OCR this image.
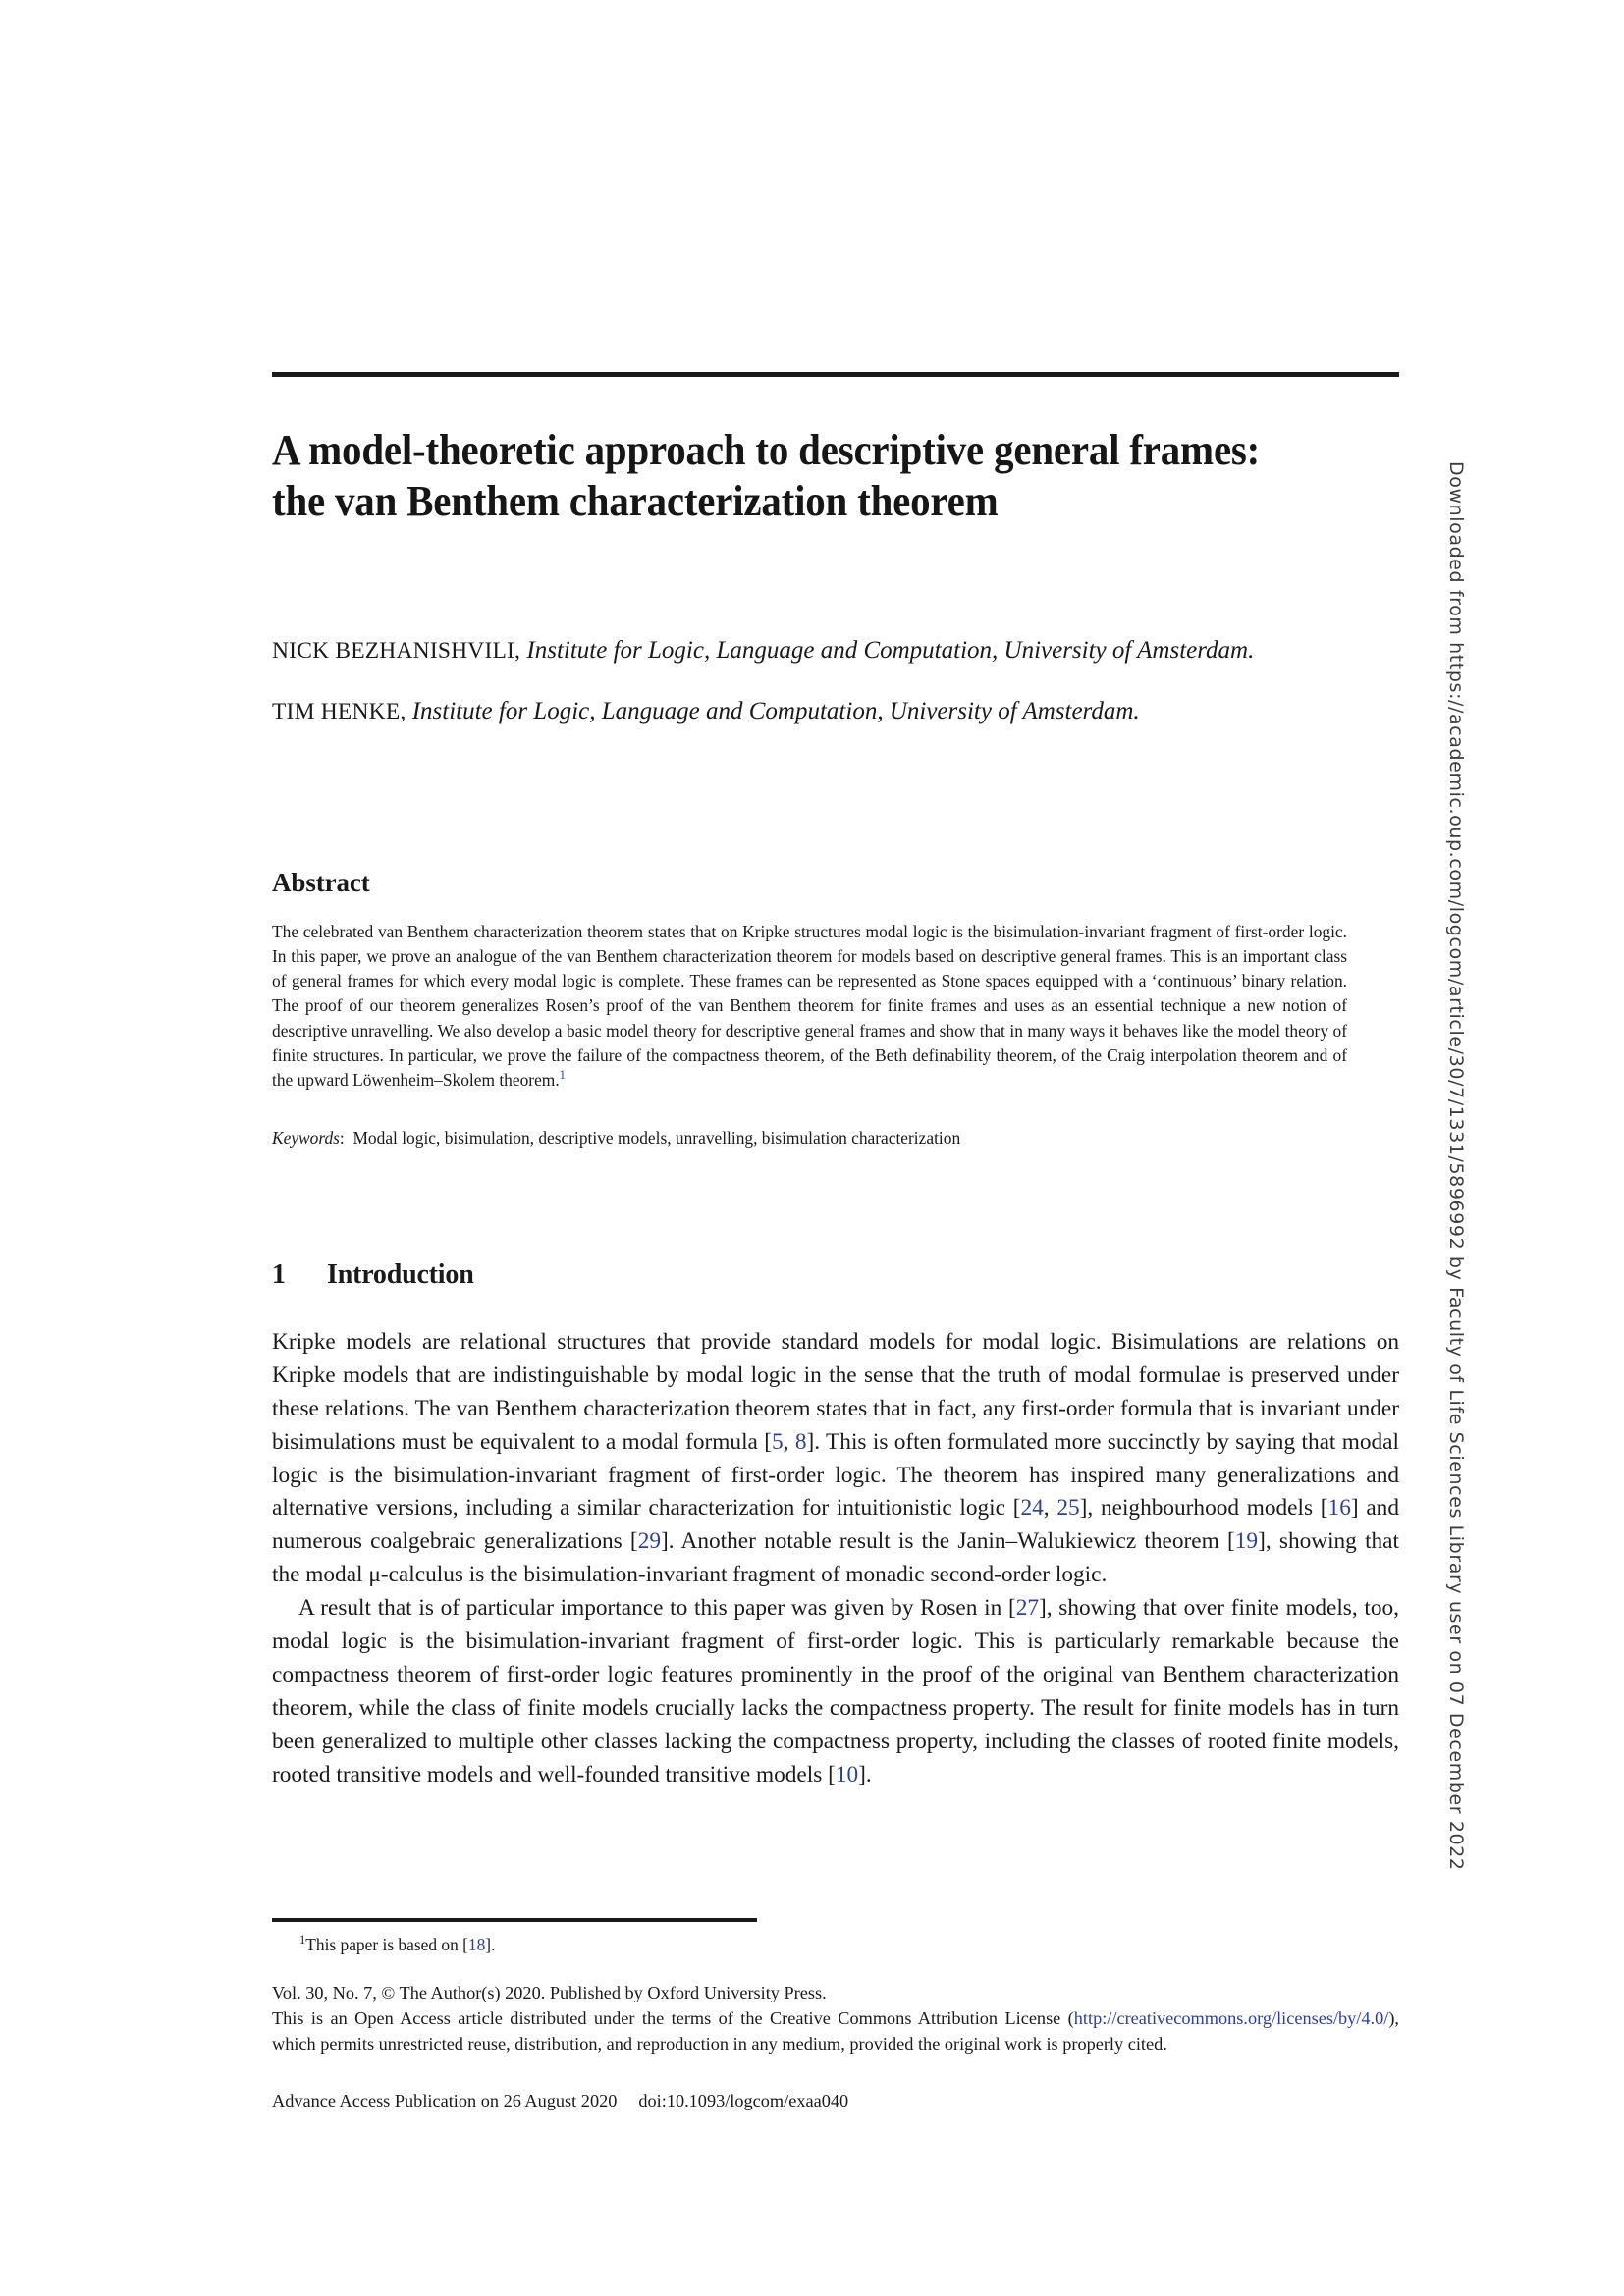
A model-theoretic approach to descriptive general frames: the van Benthem characterization theorem
NICK BEZHANISHVILI, Institute for Logic, Language and Computation, University of Amsterdam.
TIM HENKE, Institute for Logic, Language and Computation, University of Amsterdam.
Abstract
The celebrated van Benthem characterization theorem states that on Kripke structures modal logic is the bisimulation-invariant fragment of first-order logic. In this paper, we prove an analogue of the van Benthem characterization theorem for models based on descriptive general frames. This is an important class of general frames for which every modal logic is complete. These frames can be represented as Stone spaces equipped with a ‘continuous’ binary relation. The proof of our theorem generalizes Rosen’s proof of the van Benthem theorem for finite frames and uses as an essential technique a new notion of descriptive unravelling. We also develop a basic model theory for descriptive general frames and show that in many ways it behaves like the model theory of finite structures. In particular, we prove the failure of the compactness theorem, of the Beth definability theorem, of the Craig interpolation theorem and of the upward Löwenheim–Skolem theorem.$^1$
Keywords: Modal logic, bisimulation, descriptive models, unravelling, bisimulation characterization
1 Introduction

Kripke models are relational structures that provide standard models for modal logic. Bisimulations are relations on Kripke models that are indistinguishable by modal logic in the sense that the truth of modal formulae is preserved under these relations. The van Benthem characterization theorem states that in fact, any first-order formula that is invariant under bisimulations must be equivalent to a modal formula [5, 8]. This is often formulated more succinctly by saying that modal logic is the bisimulation-invariant fragment of first-order logic. The theorem has inspired many generalizations and alternative versions, including a similar characterization for intuitionistic logic [24, 25], neighbourhood models [16] and numerous coalgebraic generalizations [29]. Another notable result is the Janin–Walukiewicz theorem [19], showing that the modal μ-calculus is the bisimulation-invariant fragment of monadic second-order logic.

A result that is of particular importance to this paper was given by Rosen in [27], showing that over finite models, too, modal logic is the bisimulation-invariant fragment of first-order logic. This is particularly remarkable because the compactness theorem of first-order logic features prominently in the proof of the original van Benthem characterization theorem, while the class of finite models crucially lacks the compactness property. The result for finite models has in turn been generalized to multiple other classes lacking the compactness property, including the classes of rooted finite models, rooted transitive models and well-founded transitive models [10].

$^1$This paper is based on [18].
Vol. 30, No. 7, © The Author(s) 2020. Published by Oxford University Press.
This is an Open Access article distributed under the terms of the Creative Commons Attribution License (http://creativecommons.org/licenses/by/4.0/), which permits unrestricted reuse, distribution, and reproduction in any medium, provided the original work is properly cited.
Advance Access Publication on 26 August 2020 doi:10.1093/logcom/exaa040
Downloaded from https://academic.oup.com/logcom/article/30/7/1331/5896992 by Faculty of Life Sciences Library user on 07 December 2022
